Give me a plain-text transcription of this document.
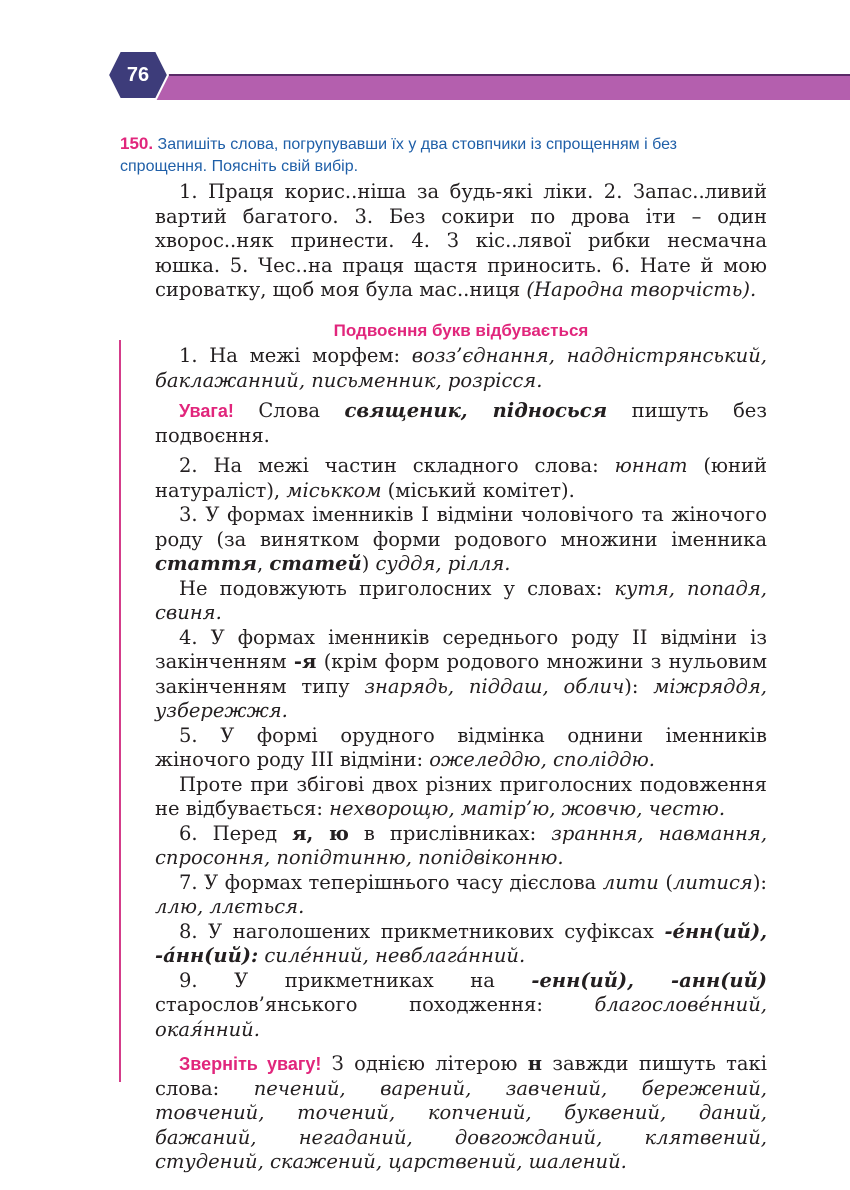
76
150. Запишіть слова, погрупувавши їх у два стовпчики із спрощенням і без спрощення. Поясніть свій вибір.

1. Праця корис..ніша за будь-які ліки. 2. Запас..ливий вартий багатого. 3. Без сокири по дрова іти – один хворос..няк принести. 4. З кіс..лявої рибки несмачна юшка. 5. Чес..на праця щастя приносить. 6. Нате й мою сироватку, щоб моя була мас..ниця (Народна творчість).

Подвоєння букв відбувається

1. На межі морфем: возз’єднання, наддністрянський, баклажанний, письменник, розрісся.

Увага! Слова священик, підносься пишуть без подвоєння.

2. На межі частин складного слова: юннат (юний натураліст), міськком (міський комітет).

3. У формах іменників І відміни чоловічого та жіночого роду (за винятком форми родового множини іменника стаття, статей) суддя, рілля.

Не подовжують приголосних у словах: кутя, попадя, свиня.

4. У формах іменників середнього роду ІІ відміни із закінченням -я (крім форм родового множини з нульовим закінченням типу знарядь, піддаш, облич): міжряддя, узбережжя.

5. У формі орудного відмінка однини іменників жіночого роду ІІІ відміни: ожеледдю, споліддю.

Проте при збігові двох різних приголосних подовження не відбувається: нехворощю, матір’ю, жовчю, честю.

6. Перед я, ю в прислівниках: зранння, навмання, спросоння, попідтинню, попідвіконню.

7. У формах теперішнього часу дієслова лити (литися): ллю, ллється.

8. У наголошених прикметникових суфіксах -е́нн(ий), -а́нн(ий): силе́нний, невблага́нний.

9. У прикметниках на -енн(ий), -анн(ий) старослов’янського походження: благослове́нний, окая́нний.

Зверніть увагу! З однією літерою н завжди пишуть такі слова: печений, варений, завчений, бережений, товчений, точений, копчений, буквений, даний, бажаний, негаданий, довгожданий, клятвений, студений, скажений, царствений, шалений.
